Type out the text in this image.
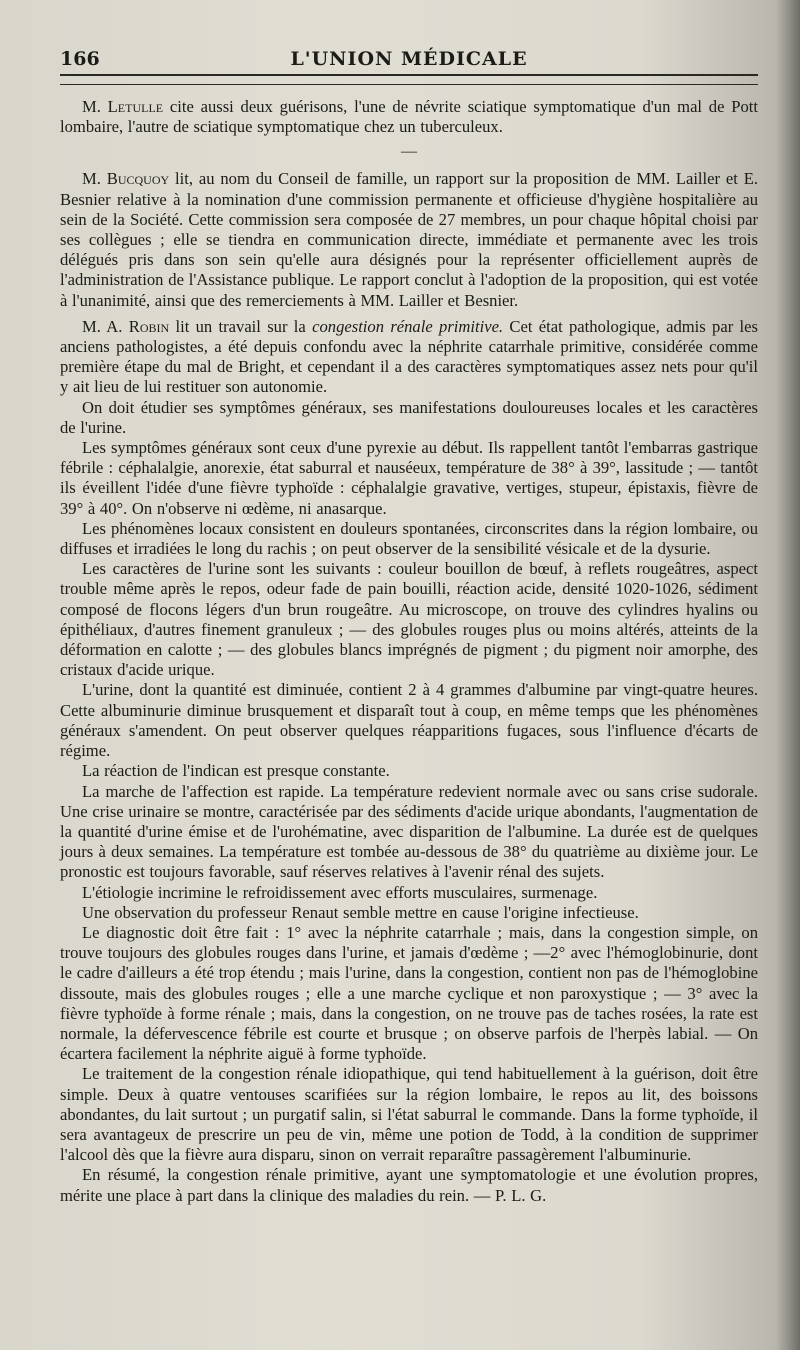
166	L'UNION MÉDICALE

M. Letulle cite aussi deux guérisons, l'une de névrite sciatique symptomatique d'un mal de Pott lombaire, l'autre de sciatique symptomatique chez un tuberculeux.

—

M. Bucquoy lit, au nom du Conseil de famille, un rapport sur la proposition de MM. Lailler et E. Besnier relative à la nomination d'une commission permanente et officieuse d'hygiène hospitalière au sein de la Société. Cette commission sera composée de 27 membres, un pour chaque hôpital choisi par ses collègues ; elle se tiendra en communication directe, immédiate et permanente avec les trois délégués pris dans son sein qu'elle aura désignés pour la représenter officiellement auprès de l'administration de l'Assistance publique. Le rapport conclut à l'adoption de la proposition, qui est votée à l'unanimité, ainsi que des remerciements à MM. Lailler et Besnier.

M. A. Robin lit un travail sur la congestion rénale primitive. Cet état pathologique, admis par les anciens pathologistes, a été depuis confondu avec la néphrite catarrhale primitive, considérée comme première étape du mal de Bright, et cependant il a des caractères symptomatiques assez nets pour qu'il y ait lieu de lui restituer son autonomie.

On doit étudier ses symptômes généraux, ses manifestations douloureuses locales et les caractères de l'urine.

Les symptômes généraux sont ceux d'une pyrexie au début. Ils rappellent tantôt l'embarras gastrique fébrile : céphalalgie, anorexie, état saburral et nauséeux, température de 38° à 39°, lassitude ; — tantôt ils éveillent l'idée d'une fièvre typhoïde : céphalalgie gravative, vertiges, stupeur, épistaxis, fièvre de 39° à 40°. On n'observe ni œdème, ni anasarque.

Les phénomènes locaux consistent en douleurs spontanées, circonscrites dans la région lombaire, ou diffuses et irradiées le long du rachis ; on peut observer de la sensibilité vésicale et de la dysurie.

Les caractères de l'urine sont les suivants : couleur bouillon de bœuf, à reflets rougeâtres, aspect trouble même après le repos, odeur fade de pain bouilli, réaction acide, densité 1020-1026, sédiment composé de flocons légers d'un brun rougeâtre. Au microscope, on trouve des cylindres hyalins ou épithéliaux, d'autres finement granuleux ; — des globules rouges plus ou moins altérés, atteints de la déformation en calotte ; — des globules blancs imprégnés de pigment ; du pigment noir amorphe, des cristaux d'acide urique.

L'urine, dont la quantité est diminuée, contient 2 à 4 grammes d'albumine par vingt-quatre heures. Cette albuminurie diminue brusquement et disparaît tout à coup, en même temps que les phénomènes généraux s'amendent. On peut observer quelques réapparitions fugaces, sous l'influence d'écarts de régime.

La réaction de l'indican est presque constante.

La marche de l'affection est rapide. La température redevient normale avec ou sans crise sudorale. Une crise urinaire se montre, caractérisée par des sédiments d'acide urique abondants, l'augmentation de la quantité d'urine émise et de l'urohématine, avec disparition de l'albumine. La durée est de quelques jours à deux semaines. La température est tombée au-dessous de 38° du quatrième au dixième jour. Le pronostic est toujours favorable, sauf réserves relatives à l'avenir rénal des sujets.

L'étiologie incrimine le refroidissement avec efforts musculaires, surmenage.

Une observation du professeur Renaut semble mettre en cause l'origine infectieuse.

Le diagnostic doit être fait : 1° avec la néphrite catarrhale ; mais, dans la congestion simple, on trouve toujours des globules rouges dans l'urine, et jamais d'œdème ; —2° avec l'hémoglobinurie, dont le cadre d'ailleurs a été trop étendu ; mais l'urine, dans la congestion, contient non pas de l'hémoglobine dissoute, mais des globules rouges ; elle a une marche cyclique et non paroxystique ; — 3° avec la fièvre typhoïde à forme rénale ; mais, dans la congestion, on ne trouve pas de taches rosées, la rate est normale, la défervescence fébrile est courte et brusque ; on observe parfois de l'herpès labial. — On écartera facilement la néphrite aiguë à forme typhoïde.

Le traitement de la congestion rénale idiopathique, qui tend habituellement à la guérison, doit être simple. Deux à quatre ventouses scarifiées sur la région lombaire, le repos au lit, des boissons abondantes, du lait surtout ; un purgatif salin, si l'état saburral le commande. Dans la forme typhoïde, il sera avantageux de prescrire un peu de vin, même une potion de Todd, à la condition de supprimer l'alcool dès que la fièvre aura disparu, sinon on verrait reparaître passagèrement l'albuminurie.

En résumé, la congestion rénale primitive, ayant une symptomatologie et une évolution propres, mérite une place à part dans la clinique des maladies du rein. — P. L. G.
